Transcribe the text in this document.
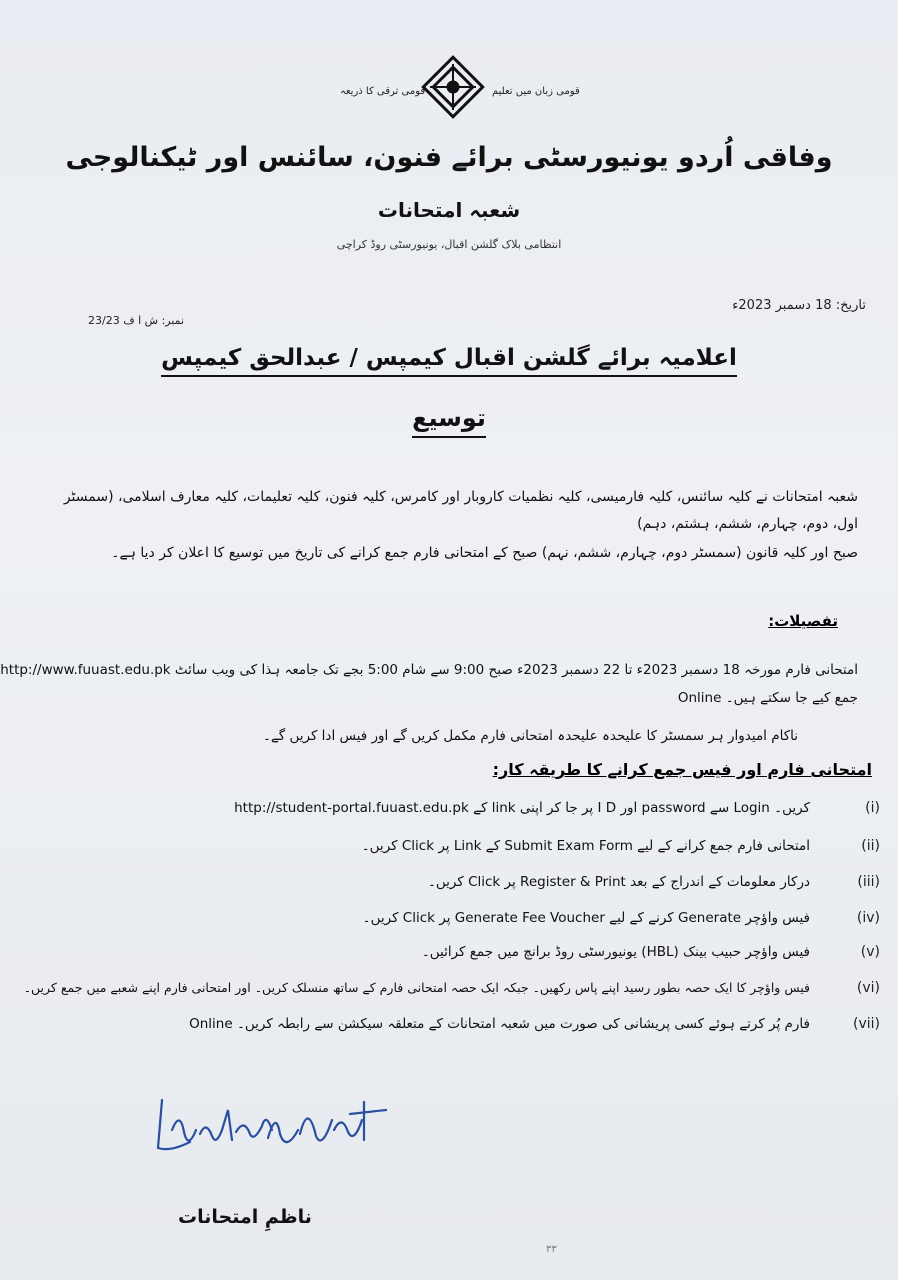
قومی ترقی کا ذریعہ	قومی زبان میں تعلیم
وفاقی اُردو یونیورسٹی برائے فنون، سائنس اور ٹیکنالوجی
شعبہ امتحانات
انتظامی بلاک گلشن اقبال، یونیورسٹی روڈ کراچی
تاریخ: 18 دسمبر 2023ء
نمبر: ش ا ف 23/23
اعلامیہ برائے گلشن اقبال کیمپس / عبدالحق کیمپس
توسیع
شعبہ امتحانات نے کلیہ سائنس، کلیہ فارمیسی، کلیہ نظمیات کاروبار اور کامرس، کلیہ فنون، کلیہ تعلیمات، کلیہ معارف اسلامی، (سمسٹر اول، دوم، چہارم، ششم، ہشتم، دہم)
صبح اور کلیہ قانون (سمسٹر دوم، چہارم، ششم، نہم) صبح کے امتحانی فارم جمع کرانے کی تاریخ میں توسیع کا اعلان کر دیا ہے۔
تفصیلات:
امتحانی فارم مورخہ 18 دسمبر 2023ء تا 22 دسمبر 2023ء صبح 9:00 سے شام 5:00 بجے تک جامعہ ہذا کی ویب سائٹ http://www.fuuast.edu.pk
Online جمع کیے جا سکتے ہیں۔
ناکام امیدوار ہر سمسٹر کا علیحدہ علیحدہ امتحانی فارم مکمل کریں گے اور فیس ادا کریں گے۔
امتحانی فارم اور فیس جمع کرانے کا طریقہ کار:
(i)
http://student-portal.fuuast.edu.pk کے link پر جا کر اپنی I D اور password سے Login کریں۔
(ii)
امتحانی فارم جمع کرانے کے لیے Submit Exam Form کے Link پر Click کریں۔
(iii)
درکار معلومات کے اندراج کے بعد Register & Print پر Click کریں۔
(iv)
فیس واؤچر Generate کرنے کے لیے Generate Fee Voucher پر Click کریں۔
(v)
فیس واؤچر حبیب بینک (HBL) یونیورسٹی روڈ برانچ میں جمع کرائیں۔
(vi)
فیس واؤچر کا ایک حصہ بطور رسید اپنے پاس رکھیں۔ جبکہ ایک حصہ امتحانی فارم کے ساتھ منسلک کریں۔ اور امتحانی فارم اپنے شعبے میں جمع کریں۔
(vii)
Online فارم پُر کرتے ہوئے کسی پریشانی کی صورت میں شعبہ امتحانات کے متعلقہ سیکشن سے رابطہ کریں۔
ناظمِ امتحانات
٣٣
